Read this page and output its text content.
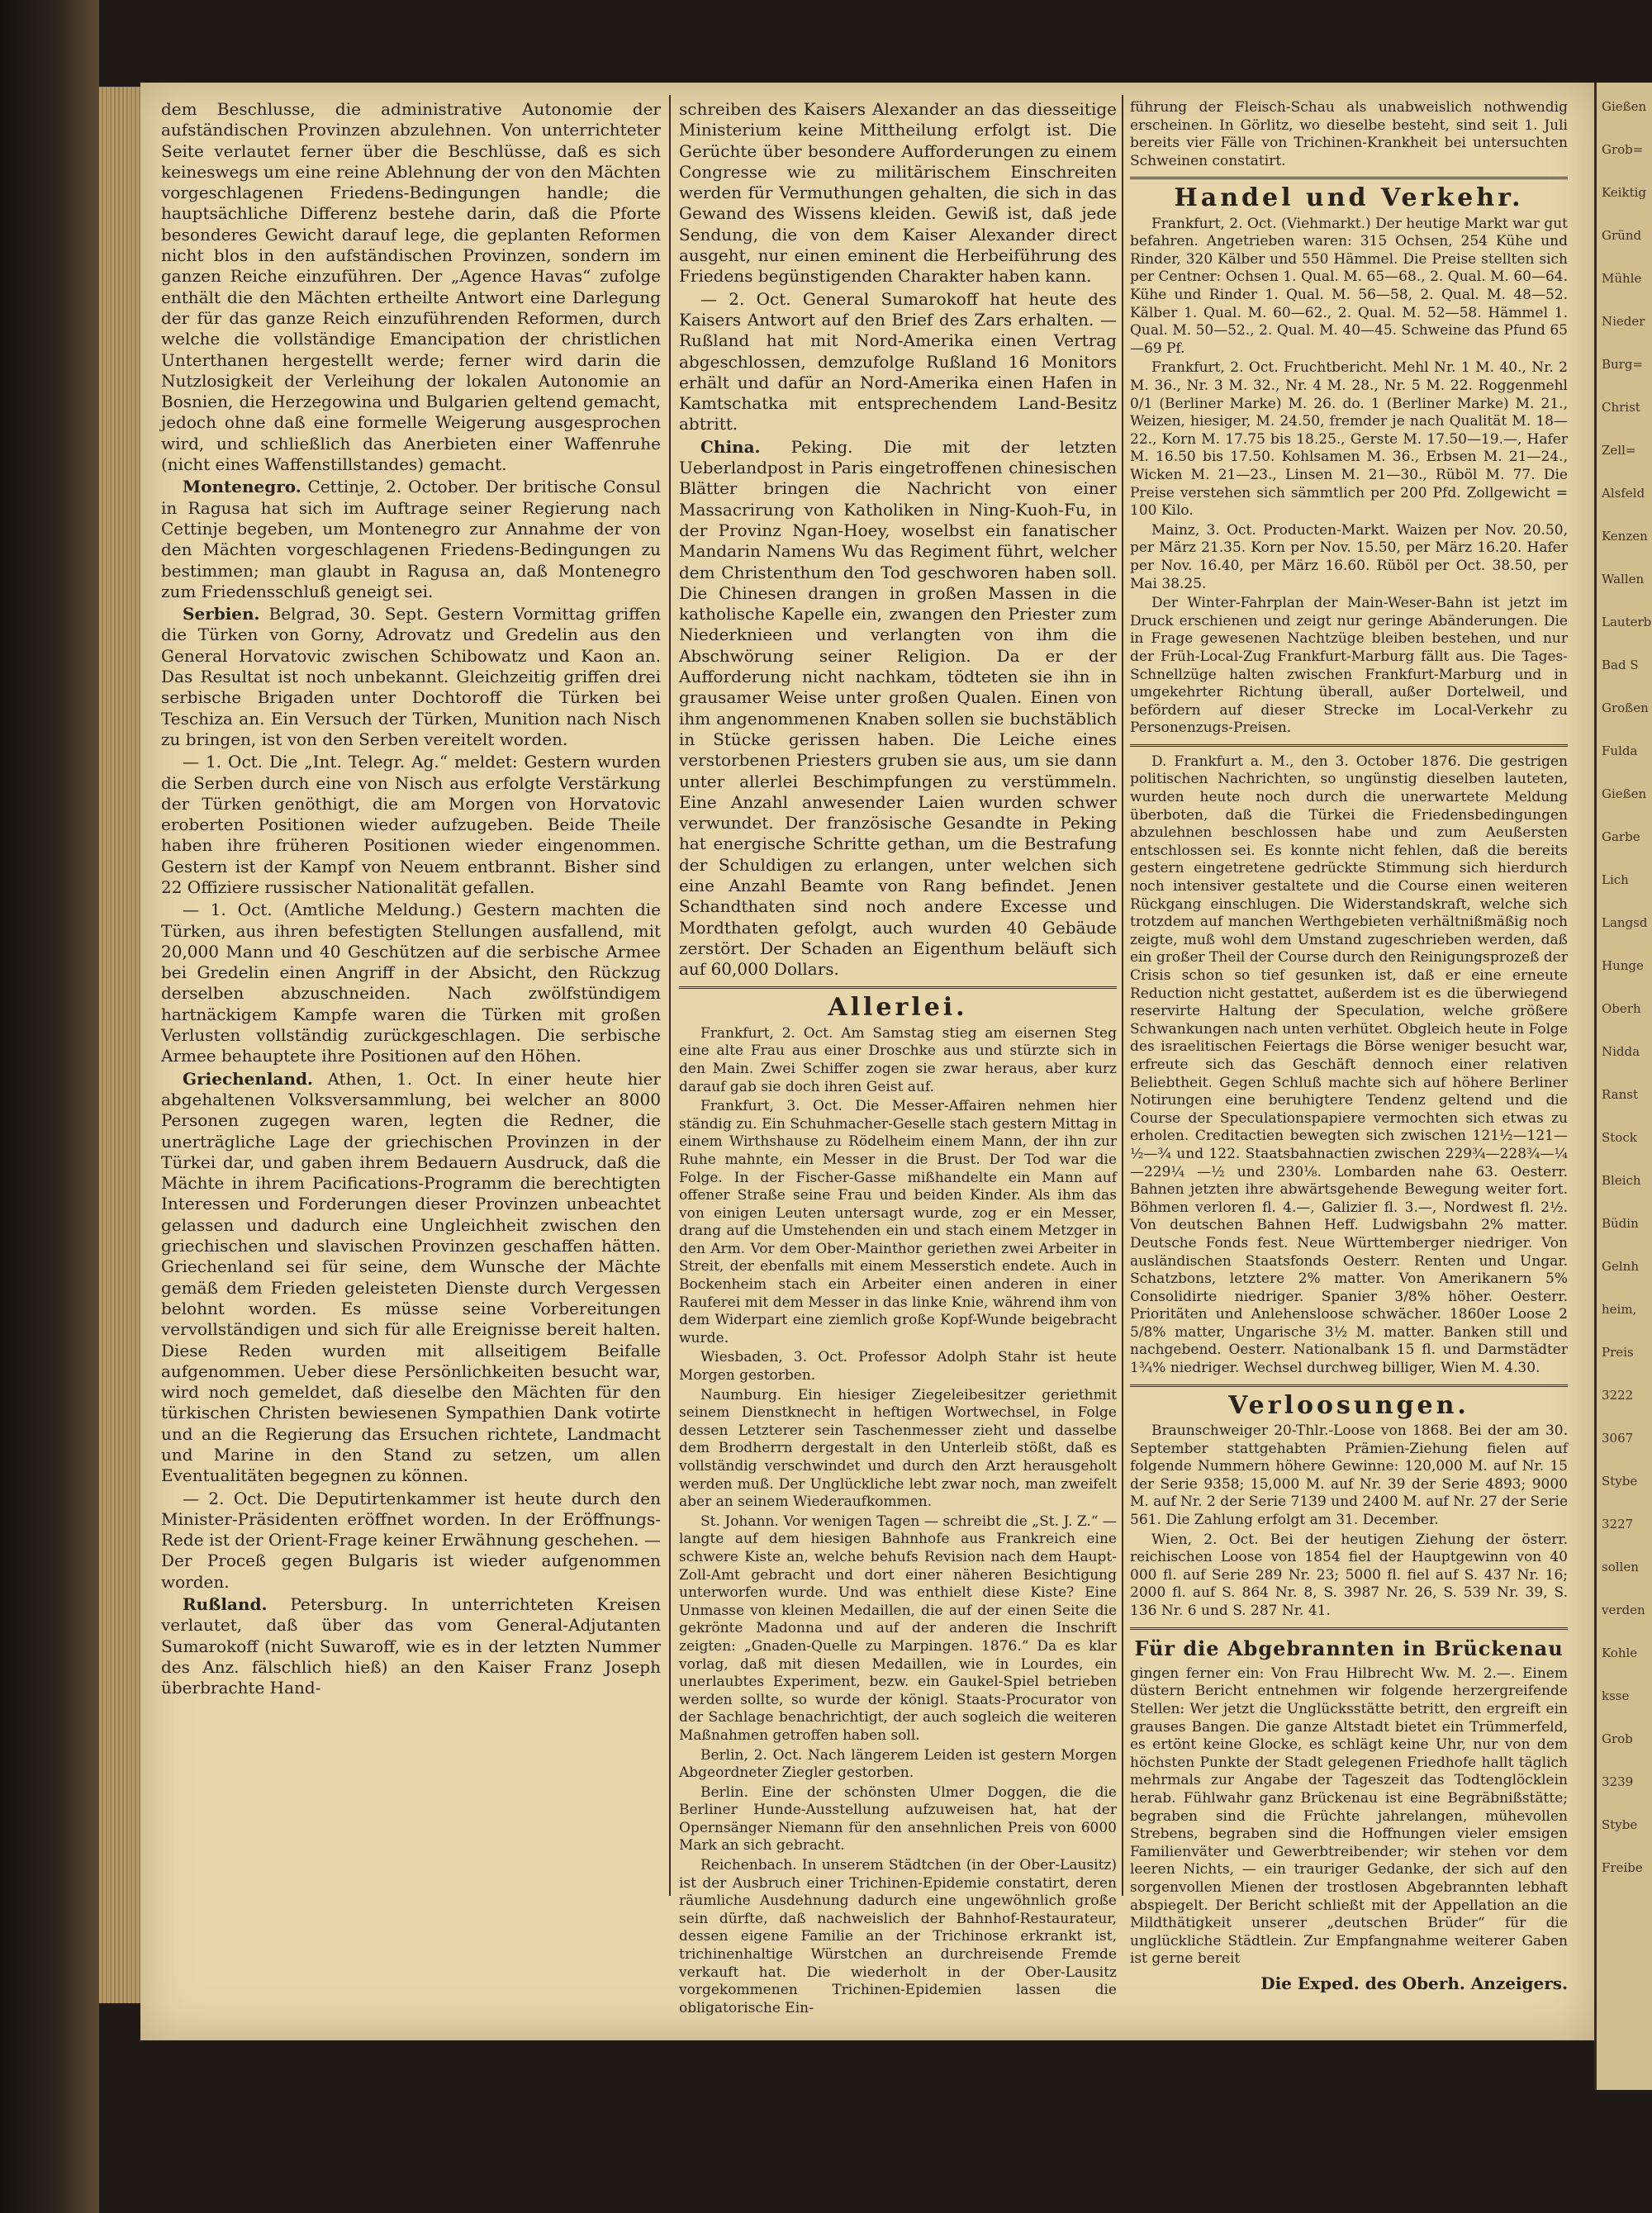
Gießen
Grob=
Keiktig
Gründ
Mühle
Nieder
Burg=
Christ
Zell=
Alsfeld
Kenzen
Wallen
Lauterb
Bad S
Großen
Fulda
Gießen
Garbe
Lich
Langsd
Hunge
Oberh
Nidda
Ranst
Stock
Bleich
Büdin
Gelnh
heim,
Preis
3222
3067
Stybe
3227
sollen
verden
Kohle
ksse
Grob
3239
Stybe
Freibe

dem Beschlusse, die administrative Autonomie der aufständischen Provinzen abzulehnen. Von unterrichteter Seite verlautet ferner über die Beschlüsse, daß es sich keineswegs um eine reine Ablehnung der von den Mächten vorgeschlagenen Friedens-Bedingungen handle; die hauptsächliche Differenz bestehe darin, daß die Pforte besonderes Gewicht darauf lege, die geplanten Reformen nicht blos in den aufständischen Provinzen, sondern im ganzen Reiche einzuführen. Der „Agence Havas“ zufolge enthält die den Mächten ertheilte Antwort eine Darlegung der für das ganze Reich einzuführenden Reformen, durch welche die vollständige Emancipation der christlichen Unterthanen hergestellt werde; ferner wird darin die Nutzlosigkeit der Verleihung der lokalen Autonomie an Bosnien, die Herzegowina und Bulgarien geltend gemacht, jedoch ohne daß eine formelle Weigerung ausgesprochen wird, und schließlich das Anerbieten einer Waffenruhe (nicht eines Waffenstillstandes) gemacht.

Montenegro. Cettinje, 2. October. Der britische Consul in Ragusa hat sich im Auftrage seiner Regierung nach Cettinje begeben, um Montenegro zur Annahme der von den Mächten vorgeschlagenen Friedens-Bedingungen zu bestimmen; man glaubt in Ragusa an, daß Montenegro zum Friedensschluß geneigt sei.

Serbien. Belgrad, 30. Sept. Gestern Vormittag griffen die Türken von Gorny, Adrovatz und Gredelin aus den General Horvatovic zwischen Schibowatz und Kaon an. Das Resultat ist noch unbekannt. Gleichzeitig griffen drei serbische Brigaden unter Dochtoroff die Türken bei Teschiza an. Ein Versuch der Türken, Munition nach Nisch zu bringen, ist von den Serben vereitelt worden.

— 1. Oct. Die „Int. Telegr. Ag.“ meldet: Gestern wurden die Serben durch eine von Nisch aus erfolgte Verstärkung der Türken genöthigt, die am Morgen von Horvatovic eroberten Positionen wieder aufzugeben. Beide Theile haben ihre früheren Positionen wieder eingenommen. Gestern ist der Kampf von Neuem entbrannt. Bisher sind 22 Offiziere russischer Nationalität gefallen.

— 1. Oct. (Amtliche Meldung.) Gestern machten die Türken, aus ihren befestigten Stellungen ausfallend, mit 20,000 Mann und 40 Geschützen auf die serbische Armee bei Gredelin einen Angriff in der Absicht, den Rückzug derselben abzuschneiden. Nach zwölfstündigem hartnäckigem Kampfe waren die Türken mit großen Verlusten vollständig zurückgeschlagen. Die serbische Armee behauptete ihre Positionen auf den Höhen.

Griechenland. Athen, 1. Oct. In einer heute hier abgehaltenen Volksversammlung, bei welcher an 8000 Personen zugegen waren, legten die Redner, die unerträgliche Lage der griechischen Provinzen in der Türkei dar, und gaben ihrem Bedauern Ausdruck, daß die Mächte in ihrem Pacifications-Programm die berechtigten Interessen und Forderungen dieser Provinzen unbeachtet gelassen und dadurch eine Ungleichheit zwischen den griechischen und slavischen Provinzen geschaffen hätten. Griechenland sei für seine, dem Wunsche der Mächte gemäß dem Frieden geleisteten Dienste durch Vergessen belohnt worden. Es müsse seine Vorbereitungen vervollständigen und sich für alle Ereignisse bereit halten. Diese Reden wurden mit allseitigem Beifalle aufgenommen. Ueber diese Persönlichkeiten besucht war, wird noch gemeldet, daß dieselbe den Mächten für den türkischen Christen bewiesenen Sympathien Dank votirte und an die Regierung das Ersuchen richtete, Landmacht und Marine in den Stand zu setzen, um allen Eventualitäten begegnen zu können.

— 2. Oct. Die Deputirtenkammer ist heute durch den Minister-Präsidenten eröffnet worden. In der Eröffnungs-Rede ist der Orient-Frage keiner Erwähnung geschehen. — Der Proceß gegen Bulgaris ist wieder aufgenommen worden.

Rußland. Petersburg. In unterrichteten Kreisen verlautet, daß über das vom General-Adjutanten Sumarokoff (nicht Suwaroff, wie es in der letzten Nummer des Anz. fälschlich hieß) an den Kaiser Franz Joseph überbrachte Hand-

schreiben des Kaisers Alexander an das diesseitige Ministerium keine Mittheilung erfolgt ist. Die Gerüchte über besondere Aufforderungen zu einem Congresse wie zu militärischem Einschreiten werden für Vermuthungen gehalten, die sich in das Gewand des Wissens kleiden. Gewiß ist, daß jede Sendung, die von dem Kaiser Alexander direct ausgeht, nur einen eminent die Herbeiführung des Friedens begünstigenden Charakter haben kann.

— 2. Oct. General Sumarokoff hat heute des Kaisers Antwort auf den Brief des Zars erhalten. — Rußland hat mit Nord-Amerika einen Vertrag abgeschlossen, demzufolge Rußland 16 Monitors erhält und dafür an Nord-Amerika einen Hafen in Kamtschatka mit entsprechendem Land-Besitz abtritt.

China. Peking. Die mit der letzten Ueberlandpost in Paris eingetroffenen chinesischen Blätter bringen die Nachricht von einer Massacrirung von Katholiken in Ning-Kuoh-Fu, in der Provinz Ngan-Hoey, woselbst ein fanatischer Mandarin Namens Wu das Regiment führt, welcher dem Christenthum den Tod geschworen haben soll. Die Chinesen drangen in großen Massen in die katholische Kapelle ein, zwangen den Priester zum Niederknieen und verlangten von ihm die Abschwörung seiner Religion. Da er der Aufforderung nicht nachkam, tödteten sie ihn in grausamer Weise unter großen Qualen. Einen von ihm angenommenen Knaben sollen sie buchstäblich in Stücke gerissen haben. Die Leiche eines verstorbenen Priesters gruben sie aus, um sie dann unter allerlei Beschimpfungen zu verstümmeln. Eine Anzahl anwesender Laien wurden schwer verwundet. Der französische Gesandte in Peking hat energische Schritte gethan, um die Bestrafung der Schuldigen zu erlangen, unter welchen sich eine Anzahl Beamte von Rang befindet. Jenen Schandthaten sind noch andere Excesse und Mordthaten gefolgt, auch wurden 40 Gebäude zerstört. Der Schaden an Eigenthum beläuft sich auf 60,000 Dollars.

Allerlei.

Frankfurt, 2. Oct. Am Samstag stieg am eisernen Steg eine alte Frau aus einer Droschke aus und stürzte sich in den Main. Zwei Schiffer zogen sie zwar heraus, aber kurz darauf gab sie doch ihren Geist auf.

Frankfurt, 3. Oct. Die Messer-Affairen nehmen hier ständig zu. Ein Schuhmacher-Geselle stach gestern Mittag in einem Wirthshause zu Rödelheim einem Mann, der ihn zur Ruhe mahnte, ein Messer in die Brust. Der Tod war die Folge. In der Fischer-Gasse mißhandelte ein Mann auf offener Straße seine Frau und beiden Kinder. Als ihm das von einigen Leuten untersagt wurde, zog er ein Messer, drang auf die Umstehenden ein und stach einem Metzger in den Arm. Vor dem Ober-Mainthor geriethen zwei Arbeiter in Streit, der ebenfalls mit einem Messerstich endete. Auch in Bockenheim stach ein Arbeiter einen anderen in einer Rauferei mit dem Messer in das linke Knie, während ihm von dem Widerpart eine ziemlich große Kopf-Wunde beigebracht wurde.

Wiesbaden, 3. Oct. Professor Adolph Stahr ist heute Morgen gestorben.

Naumburg. Ein hiesiger Ziegeleibesitzer geriethmit seinem Dienstknecht in heftigen Wortwechsel, in Folge dessen Letzterer sein Taschenmesser zieht und dasselbe dem Brodherrn dergestalt in den Unterleib stößt, daß es vollständig verschwindet und durch den Arzt herausgeholt werden muß. Der Unglückliche lebt zwar noch, man zweifelt aber an seinem Wiederaufkommen.

St. Johann. Vor wenigen Tagen — schreibt die „St. J. Z.“ — langte auf dem hiesigen Bahnhofe aus Frankreich eine schwere Kiste an, welche behufs Revision nach dem Haupt-Zoll-Amt gebracht und dort einer näheren Besichtigung unterworfen wurde. Und was enthielt diese Kiste? Eine Unmasse von kleinen Medaillen, die auf der einen Seite die gekrönte Madonna und auf der anderen die Inschrift zeigten: „Gnaden-Quelle zu Marpingen. 1876.“ Da es klar vorlag, daß mit diesen Medaillen, wie in Lourdes, ein unerlaubtes Experiment, bezw. ein Gaukel-Spiel betrieben werden sollte, so wurde der königl. Staats-Procurator von der Sachlage benachrichtigt, der auch sogleich die weiteren Maßnahmen getroffen haben soll.

Berlin, 2. Oct. Nach längerem Leiden ist gestern Morgen Abgeordneter Ziegler gestorben.

Berlin. Eine der schönsten Ulmer Doggen, die die Berliner Hunde-Ausstellung aufzuweisen hat, hat der Opernsänger Niemann für den ansehnlichen Preis von 6000 Mark an sich gebracht.

Reichenbach. In unserem Städtchen (in der Ober-Lausitz) ist der Ausbruch einer Trichinen-Epidemie constatirt, deren räumliche Ausdehnung dadurch eine ungewöhnlich große sein dürfte, daß nachweislich der Bahnhof-Restaurateur, dessen eigene Familie an der Trichinose erkrankt ist, trichinenhaltige Würstchen an durchreisende Fremde verkauft hat. Die wiederholt in der Ober-Lausitz vorgekommenen Trichinen-Epidemien lassen die obligatorische Ein-

führung der Fleisch-Schau als unabweislich nothwendig erscheinen. In Görlitz, wo dieselbe besteht, sind seit 1. Juli bereits vier Fälle von Trichinen-Krankheit bei untersuchten Schweinen constatirt.

Handel und Verkehr.

Frankfurt, 2. Oct. (Viehmarkt.) Der heutige Markt war gut befahren. Angetrieben waren: 315 Ochsen, 254 Kühe und Rinder, 320 Kälber und 550 Hämmel. Die Preise stellten sich per Centner: Ochsen 1. Qual. M. 65—68., 2. Qual. M. 60—64. Kühe und Rinder 1. Qual. M. 56—58, 2. Qual. M. 48—52. Kälber 1. Qual. M. 60—62., 2. Qual. M. 52—58. Hämmel 1. Qual. M. 50—52., 2. Qual. M. 40—45. Schweine das Pfund 65—69 Pf.

Frankfurt, 2. Oct. Fruchtbericht. Mehl Nr. 1 M. 40., Nr. 2 M. 36., Nr. 3 M. 32., Nr. 4 M. 28., Nr. 5 M. 22. Roggenmehl 0/1 (Berliner Marke) M. 26. do. 1 (Berliner Marke) M. 21., Weizen, hiesiger, M. 24.50, fremder je nach Qualität M. 18—22., Korn M. 17.75 bis 18.25., Gerste M. 17.50—19.—, Hafer M. 16.50 bis 17.50. Kohlsamen M. 36., Erbsen M. 21—24., Wicken M. 21—23., Linsen M. 21—30., Rüböl M. 77. Die Preise verstehen sich sämmtlich per 200 Pfd. Zollgewicht = 100 Kilo.

Mainz, 3. Oct. Producten-Markt. Waizen per Nov. 20.50, per März 21.35. Korn per Nov. 15.50, per März 16.20. Hafer per Nov. 16.40, per März 16.60. Rüböl per Oct. 38.50, per Mai 38.25.

Der Winter-Fahrplan der Main-Weser-Bahn ist jetzt im Druck erschienen und zeigt nur geringe Abänderungen. Die in Frage gewesenen Nachtzüge bleiben bestehen, und nur der Früh-Local-Zug Frankfurt-Marburg fällt aus. Die Tages-Schnellzüge halten zwischen Frankfurt-Marburg und in umgekehrter Richtung überall, außer Dortelweil, und befördern auf dieser Strecke im Local-Verkehr zu Personenzugs-Preisen.

D. Frankfurt a. M., den 3. October 1876. Die gestrigen politischen Nachrichten, so ungünstig dieselben lauteten, wurden heute noch durch die unerwartete Meldung überboten, daß die Türkei die Friedensbedingungen abzulehnen beschlossen habe und zum Aeußersten entschlossen sei. Es konnte nicht fehlen, daß die bereits gestern eingetretene gedrückte Stimmung sich hierdurch noch intensiver gestaltete und die Course einen weiteren Rückgang einschlugen. Die Widerstandskraft, welche sich trotzdem auf manchen Werthgebieten verhältnißmäßig noch zeigte, muß wohl dem Umstand zugeschrieben werden, daß ein großer Theil der Course durch den Reinigungsprozeß der Crisis schon so tief gesunken ist, daß er eine erneute Reduction nicht gestattet, außerdem ist es die überwiegend reservirte Haltung der Speculation, welche größere Schwankungen nach unten verhütet. Obgleich heute in Folge des israelitischen Feiertags die Börse weniger besucht war, erfreute sich das Geschäft dennoch einer relativen Beliebtheit. Gegen Schluß machte sich auf höhere Berliner Notirungen eine beruhigtere Tendenz geltend und die Course der Speculationspapiere vermochten sich etwas zu erholen. Creditactien bewegten sich zwischen 121½—121—½—¾ und 122. Staatsbahnactien zwischen 229¾—228¾—¼—229¼ —½ und 230⅛. Lombarden nahe 63. Oesterr. Bahnen jetzten ihre abwärtsgehende Bewegung weiter fort. Böhmen verloren fl. 4.—, Galizier fl. 3.—, Nordwest fl. 2½. Von deutschen Bahnen Heff. Ludwigsbahn 2% matter. Deutsche Fonds fest. Neue Württemberger niedriger. Von ausländischen Staatsfonds Oesterr. Renten und Ungar. Schatzbons, letztere 2% matter. Von Amerikanern 5% Consolidirte niedriger. Spanier 3/8% höher. Oesterr. Prioritäten und Anlehensloose schwächer. 1860er Loose 2 5/8% matter, Ungarische 3½ M. matter. Banken still und nachgebend. Oesterr. Nationalbank 15 fl. und Darmstädter 1¾% niedriger. Wechsel durchweg billiger, Wien M. 4.30.

Verloosungen.

Braunschweiger 20-Thlr.-Loose von 1868. Bei der am 30. September stattgehabten Prämien-Ziehung fielen auf folgende Nummern höhere Gewinne: 120,000 M. auf Nr. 15 der Serie 9358; 15,000 M. auf Nr. 39 der Serie 4893; 9000 M. auf Nr. 2 der Serie 7139 und 2400 M. auf Nr. 27 der Serie 561. Die Zahlung erfolgt am 31. December.

Wien, 2. Oct. Bei der heutigen Ziehung der österr. reichischen Loose von 1854 fiel der Hauptgewinn von 40 000 fl. auf Serie 289 Nr. 23; 5000 fl. fiel auf S. 437 Nr. 16; 2000 fl. auf S. 864 Nr. 8, S. 3987 Nr. 26, S. 539 Nr. 39, S. 136 Nr. 6 und S. 287 Nr. 41.

Für die Abgebrannten in Brückenau

gingen ferner ein: Von Frau Hilbrecht Ww. M. 2.—. Einem düstern Bericht entnehmen wir folgende herzergreifende Stellen: Wer jetzt die Unglücksstätte betritt, den ergreift ein grauses Bangen. Die ganze Altstadt bietet ein Trümmerfeld, es ertönt keine Glocke, es schlägt keine Uhr, nur von dem höchsten Punkte der Stadt gelegenen Friedhofe hallt täglich mehrmals zur Angabe der Tageszeit das Todtenglöcklein herab. Fühlwahr ganz Brückenau ist eine Begräbnißstätte; begraben sind die Früchte jahrelangen, mühevollen Strebens, begraben sind die Hoffnungen vieler emsigen Familienväter und Gewerbtreibender; wir stehen vor dem leeren Nichts, — ein trauriger Gedanke, der sich auf den sorgenvollen Mienen der trostlosen Abgebrannten lebhaft abspiegelt. Der Bericht schließt mit der Appellation an die Mildthätigkeit unserer „deutschen Brüder“ für die unglückliche Städtlein. Zur Empfangnahme weiterer Gaben ist gerne bereit

Die Exped. des Oberh. Anzeigers.
